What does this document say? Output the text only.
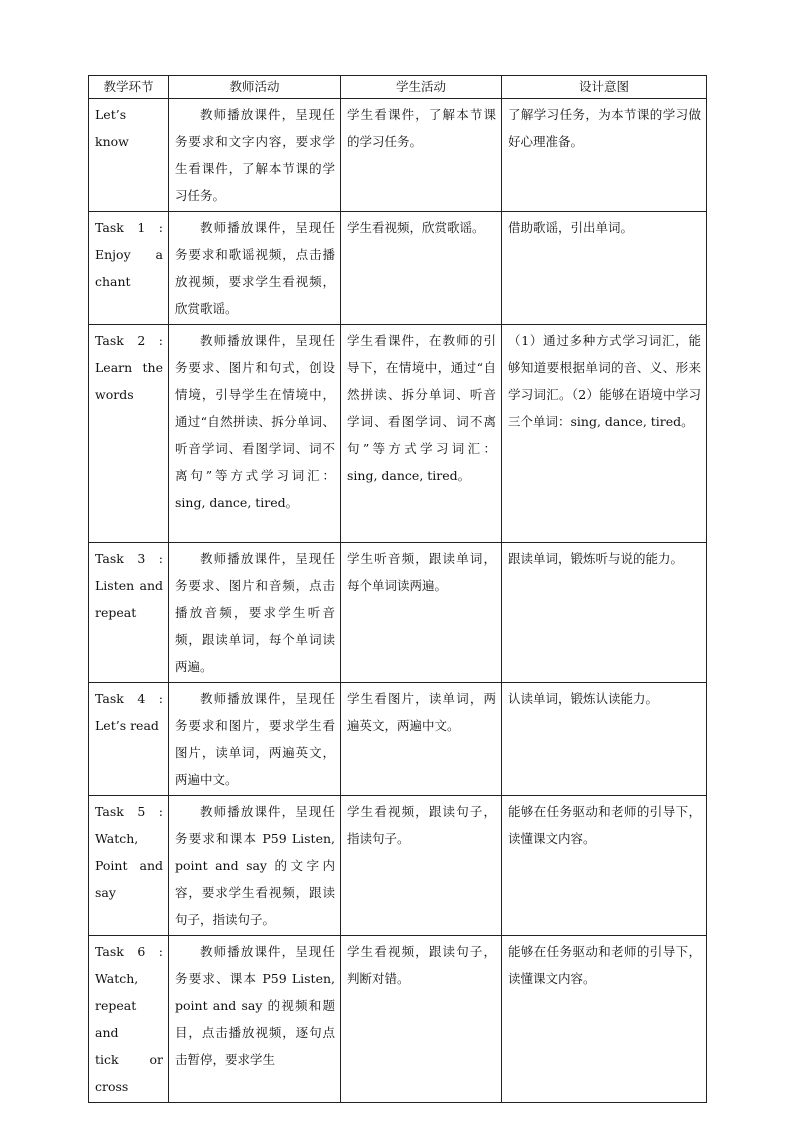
教学环节	教师活动	学生活动	设计意图

Let’s know	教师播放课件，呈现任务要求和文字内容，要求学生看课件，了解本节课的学习任务。	学生看课件，了解本节课的学习任务。	了解学习任务，为本节课的学习做好心理准备。

Task 1 :
Enjoy a
chant	教师播放课件，呈现任务要求和歌谣视频，点击播放视频，要求学生看视频，欣赏歌谣。	学生看视频，欣赏歌谣。	借助歌谣，引出单词。

Task 2 :
Learn the
words	教师播放课件，呈现任务要求、图片和句式，创设情境，引导学生在情境中，通过“自然拼读、拆分单词、听音学词、看图学词、词不离句”等方式学习词汇：sing, dance, tired。	学生看课件，在教师的引导下，在情境中，通过“自然拼读、拆分单词、听音学词、看图学词、词不离句”等方式学习词汇：sing, dance, tired。	（1）通过多种方式学习词汇，能够知道要根据单词的音、义、形来学习词汇。（2）能够在语境中学习三个单词：sing, dance, tired。

Task 3 :
Listen and
repeat	教师播放课件，呈现任务要求、图片和音频，点击播放音频，要求学生听音频，跟读单词，每个单词读两遍。	学生听音频，跟读单词，每个单词读两遍。	跟读单词，锻炼听与说的能力。

Task 4 :
Let’s read	教师播放课件，呈现任务要求和图片，要求学生看图片，读单词，两遍英文，两遍中文。	学生看图片，读单词，两遍英文，两遍中文。	认读单词，锻炼认读能力。

Task 5 :
Watch,
Point and
say	教师播放课件，呈现任务要求和课本 P59 Listen, point and say 的文字内容，要求学生看视频，跟读句子，指读句子。	学生看视频，跟读句子，指读句子。	能够在任务驱动和老师的引导下，读懂课文内容。

Task 6 :
Watch,
repeat and
tick or
cross	教师播放课件，呈现任务要求、课本 P59 Listen, point and say 的视频和题目，点击播放视频，逐句点击暂停，要求学生	学生看视频，跟读句子，判断对错。	能够在任务驱动和老师的引导下，读懂课文内容。
